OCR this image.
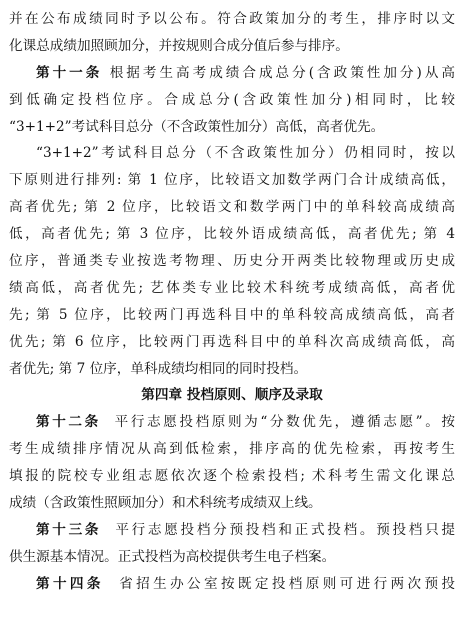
并在公布成绩同时予以公布。符合政策加分的考生，排序时以文
化课总成绩加照顾加分，并按规则合成分值后参与排序。
第十一条 根据考生高考成绩合成总分(含政策性加分)从高
到低确定投档位序。合成总分(含政策性加分)相同时，比较
“3+1+2”考试科目总分（不含政策性加分）高低，高者优先。
“3+1+2”考试科目总分（不含政策性加分）仍相同时，按以
下原则进行排列: 第 1 位序，比较语文加数学两门合计成绩高低，
高者优先; 第 2 位序，比较语文和数学两门中的单科较高成绩高
低，高者优先; 第 3 位序，比较外语成绩高低，高者优先; 第 4
位序，普通类专业按选考物理、历史分开两类比较物理或历史成
绩高低，高者优先; 艺体类专业比较术科统考成绩高低，高者优
先; 第 5 位序，比较两门再选科目中的单科较高成绩高低，高者
优先; 第 6 位序，比较两门再选科目中的单科次高成绩高低，高
者优先; 第 7 位序，单科成绩均相同的同时投档。
第四章 投档原则、顺序及录取
第十二条 平行志愿投档原则为“分数优先，遵循志愿”。按
考生成绩排序情况从高到低检索，排序高的优先检索，再按考生
填报的院校专业组志愿依次逐个检索投档; 术科考生需文化课总
成绩（含政策性照顾加分）和术科统考成绩双上线。
第十三条 平行志愿投档分预投档和正式投档。预投档只提
供生源基本情况。正式投档为高校提供考生电子档案。
第十四条 省招生办公室按既定投档原则可进行两次预投
